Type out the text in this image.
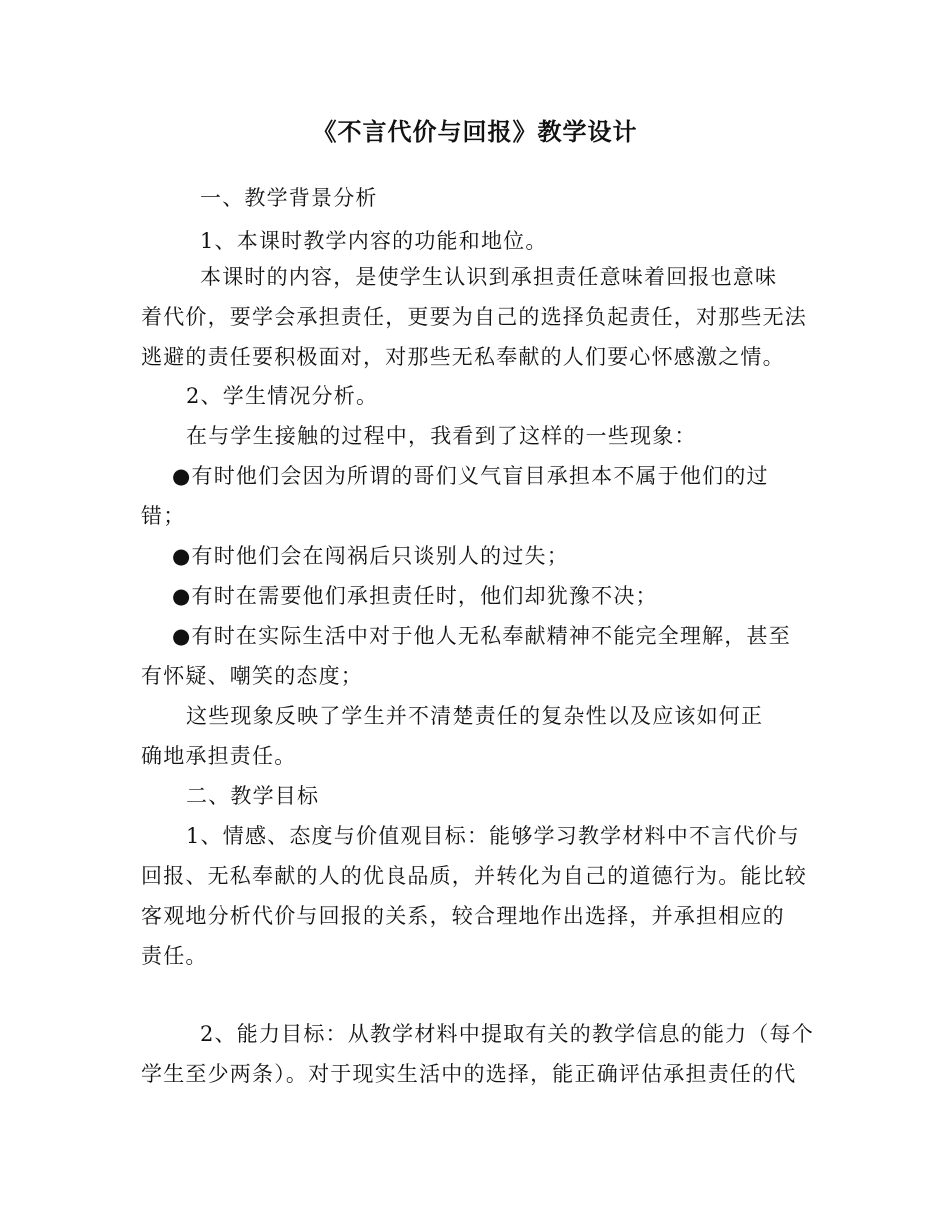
《不言代价与回报》教学设计
一、教学背景分析
1、本课时教学内容的功能和地位。
本课时的内容，是使学生认识到承担责任意味着回报也意味
着代价，要学会承担责任，更要为自己的选择负起责任，对那些无法
逃避的责任要积极面对，对那些无私奉献的人们要心怀感激之情。
2、学生情况分析。
在与学生接触的过程中，我看到了这样的一些现象：
●有时他们会因为所谓的哥们义气盲目承担本不属于他们的过
错；
●有时他们会在闯祸后只谈别人的过失；
●有时在需要他们承担责任时，他们却犹豫不决；
●有时在实际生活中对于他人无私奉献精神不能完全理解，甚至
有怀疑、嘲笑的态度；
这些现象反映了学生并不清楚责任的复杂性以及应该如何正
确地承担责任。
二、教学目标
1、情感、态度与价值观目标：能够学习教学材料中不言代价与
回报、无私奉献的人的优良品质，并转化为自己的道德行为。能比较
客观地分析代价与回报的关系，较合理地作出选择，并承担相应的
责任。
2、能力目标：从教学材料中提取有关的教学信息的能力（每个
学生至少两条）。对于现实生活中的选择，能正确评估承担责任的代
